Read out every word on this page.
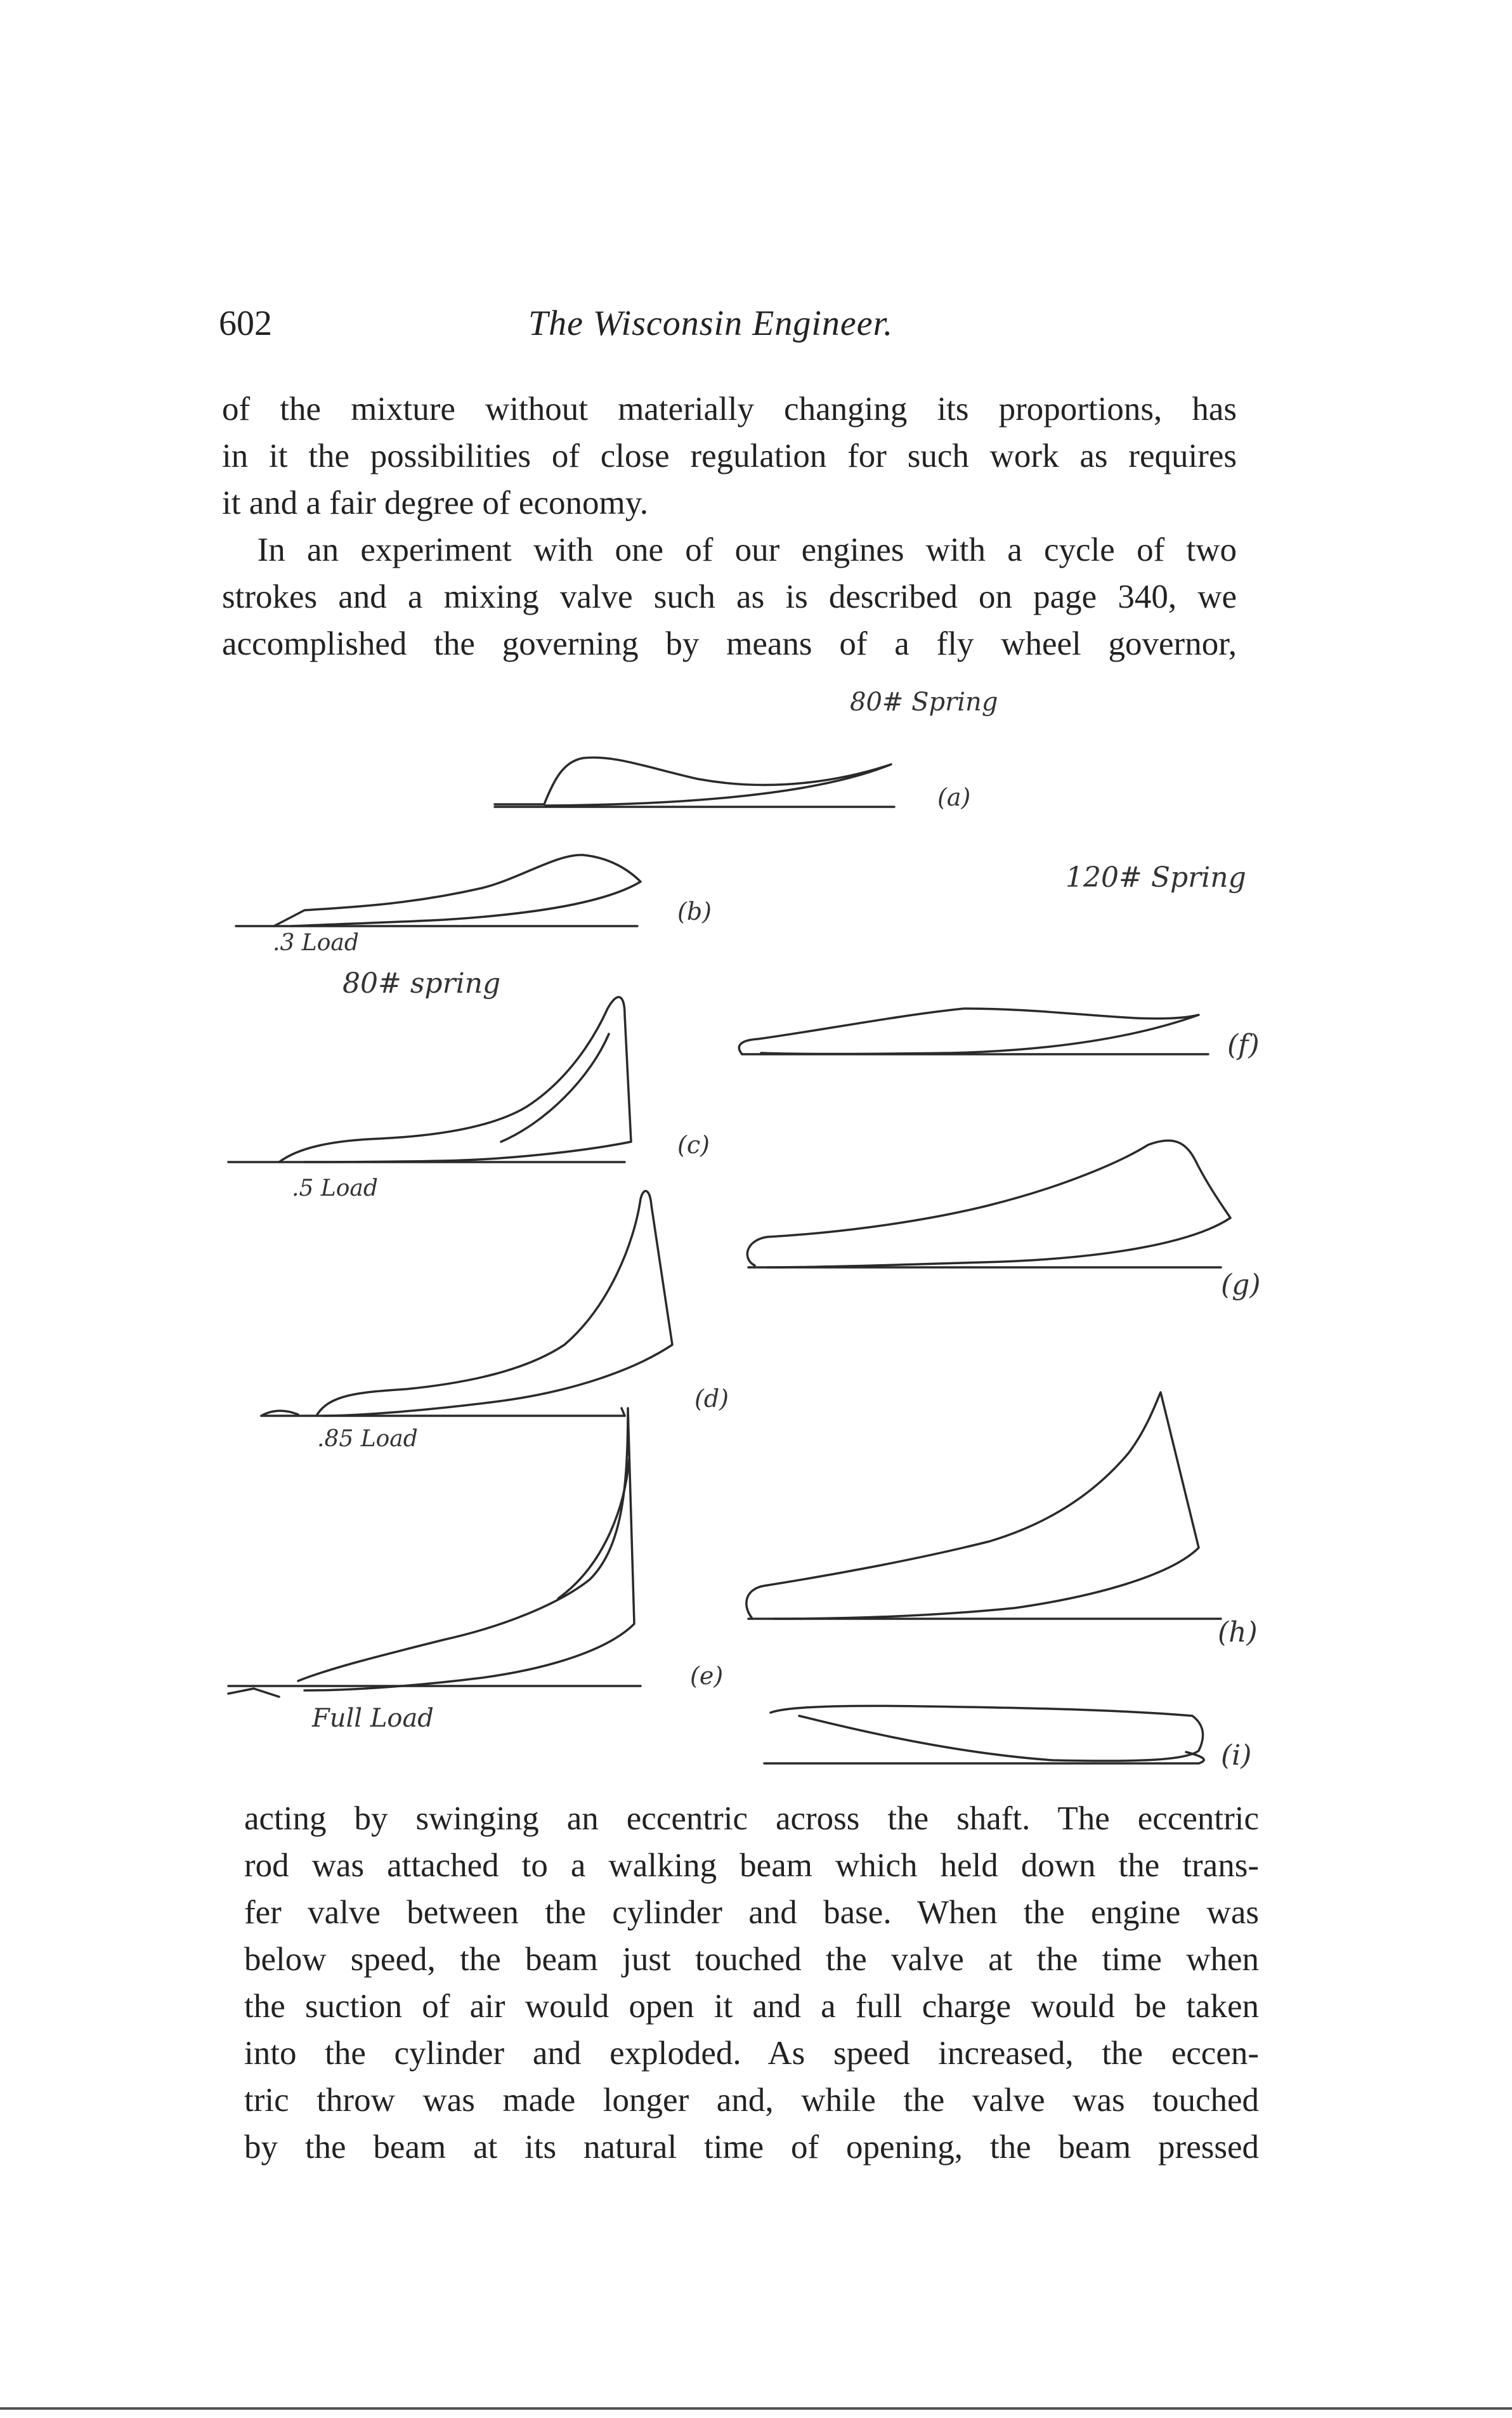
602	The Wisconsin Engineer.

of the mixture without materially changing its proportions, has

in it the possibilities of close regulation for such work as requires

it and a fair degree of economy.

In an experiment with one of our engines with a cycle of two

strokes and a mixing valve such as is described on page 340, we

accomplished the governing by means of a fly wheel governor,

(a)
80# Spring
(b)
.3 Load
120# Spring
80# spring
(c)
.5 Load
(d)
.85 Load
(e)
Full Load
(f)
(g)
(h)
(i)

acting by swinging an eccentric across the shaft. The eccentric

rod was attached to a walking beam which held down the trans-

fer valve between the cylinder and base. When the engine was

below speed, the beam just touched the valve at the time when

the suction of air would open it and a full charge would be taken

into the cylinder and exploded. As speed increased, the eccen-

tric throw was made longer and, while the valve was touched

by the beam at its natural time of opening, the beam pressed
